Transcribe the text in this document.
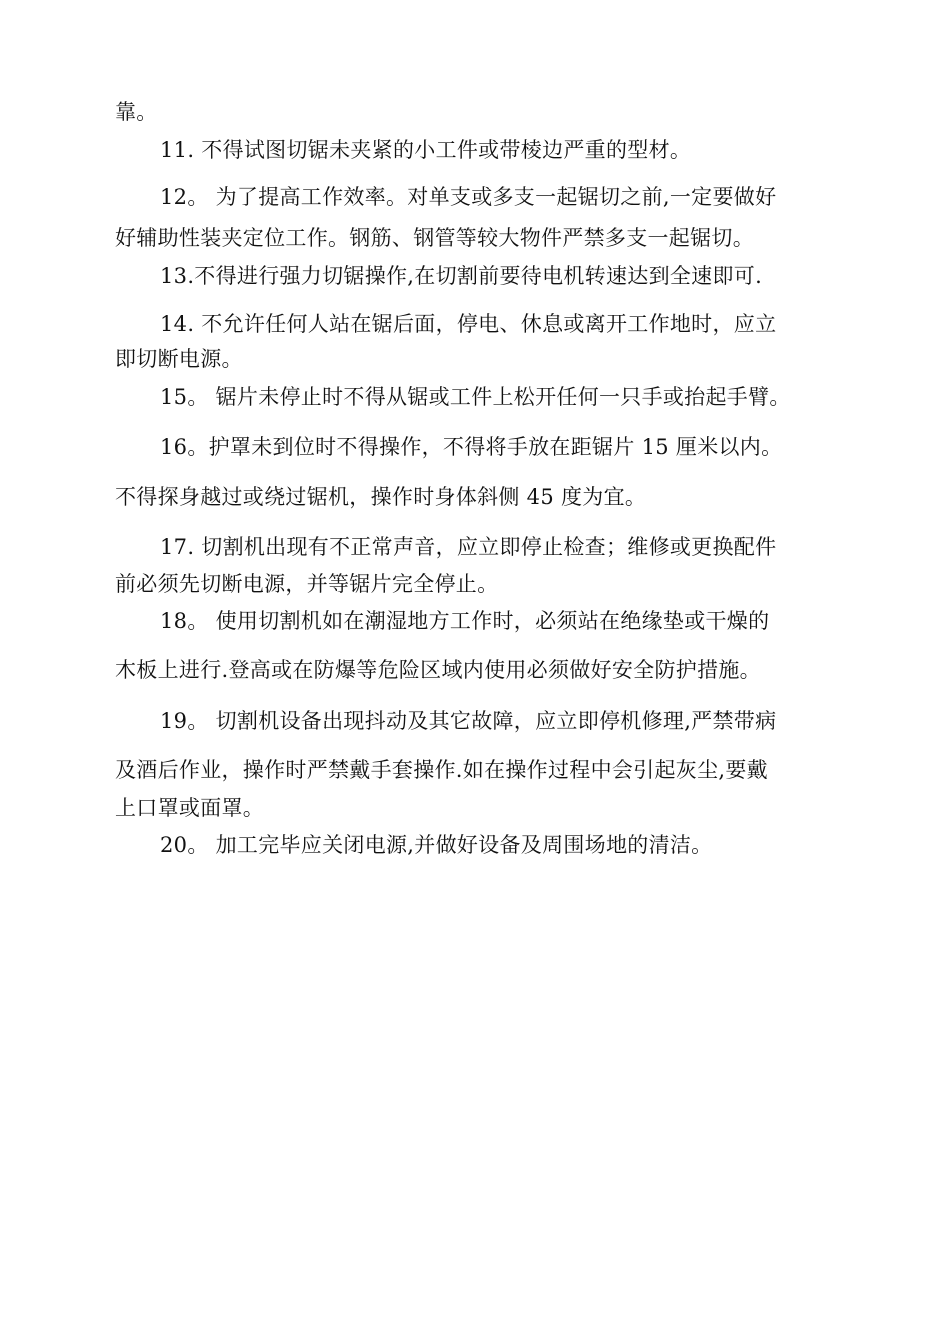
靠。
11. 不得试图切锯未夹紧的小工件或带棱边严重的型材。
12。 为了提高工作效率。对单支或多支一起锯切之前,一定要做好
好辅助性装夹定位工作。钢筋、钢管等较大物件严禁多支一起锯切。
13.不得进行强力切锯操作,在切割前要待电机转速达到全速即可.
14. 不允许任何人站在锯后面，停电、休息或离开工作地时，应立
即切断电源。
15。 锯片未停止时不得从锯或工件上松开任何一只手或抬起手臂。
16。护罩未到位时不得操作，不得将手放在距锯片 15 厘米以内。
不得探身越过或绕过锯机，操作时身体斜侧 45 度为宜。
17. 切割机出现有不正常声音，应立即停止检查；维修或更换配件
前必须先切断电源，并等锯片完全停止。
18。 使用切割机如在潮湿地方工作时，必须站在绝缘垫或干燥的
木板上进行.登高或在防爆等危险区域内使用必须做好安全防护措施。
19。 切割机设备出现抖动及其它故障，应立即停机修理,严禁带病
及酒后作业，操作时严禁戴手套操作.如在操作过程中会引起灰尘,要戴
上口罩或面罩。
20。 加工完毕应关闭电源,并做好设备及周围场地的清洁。
